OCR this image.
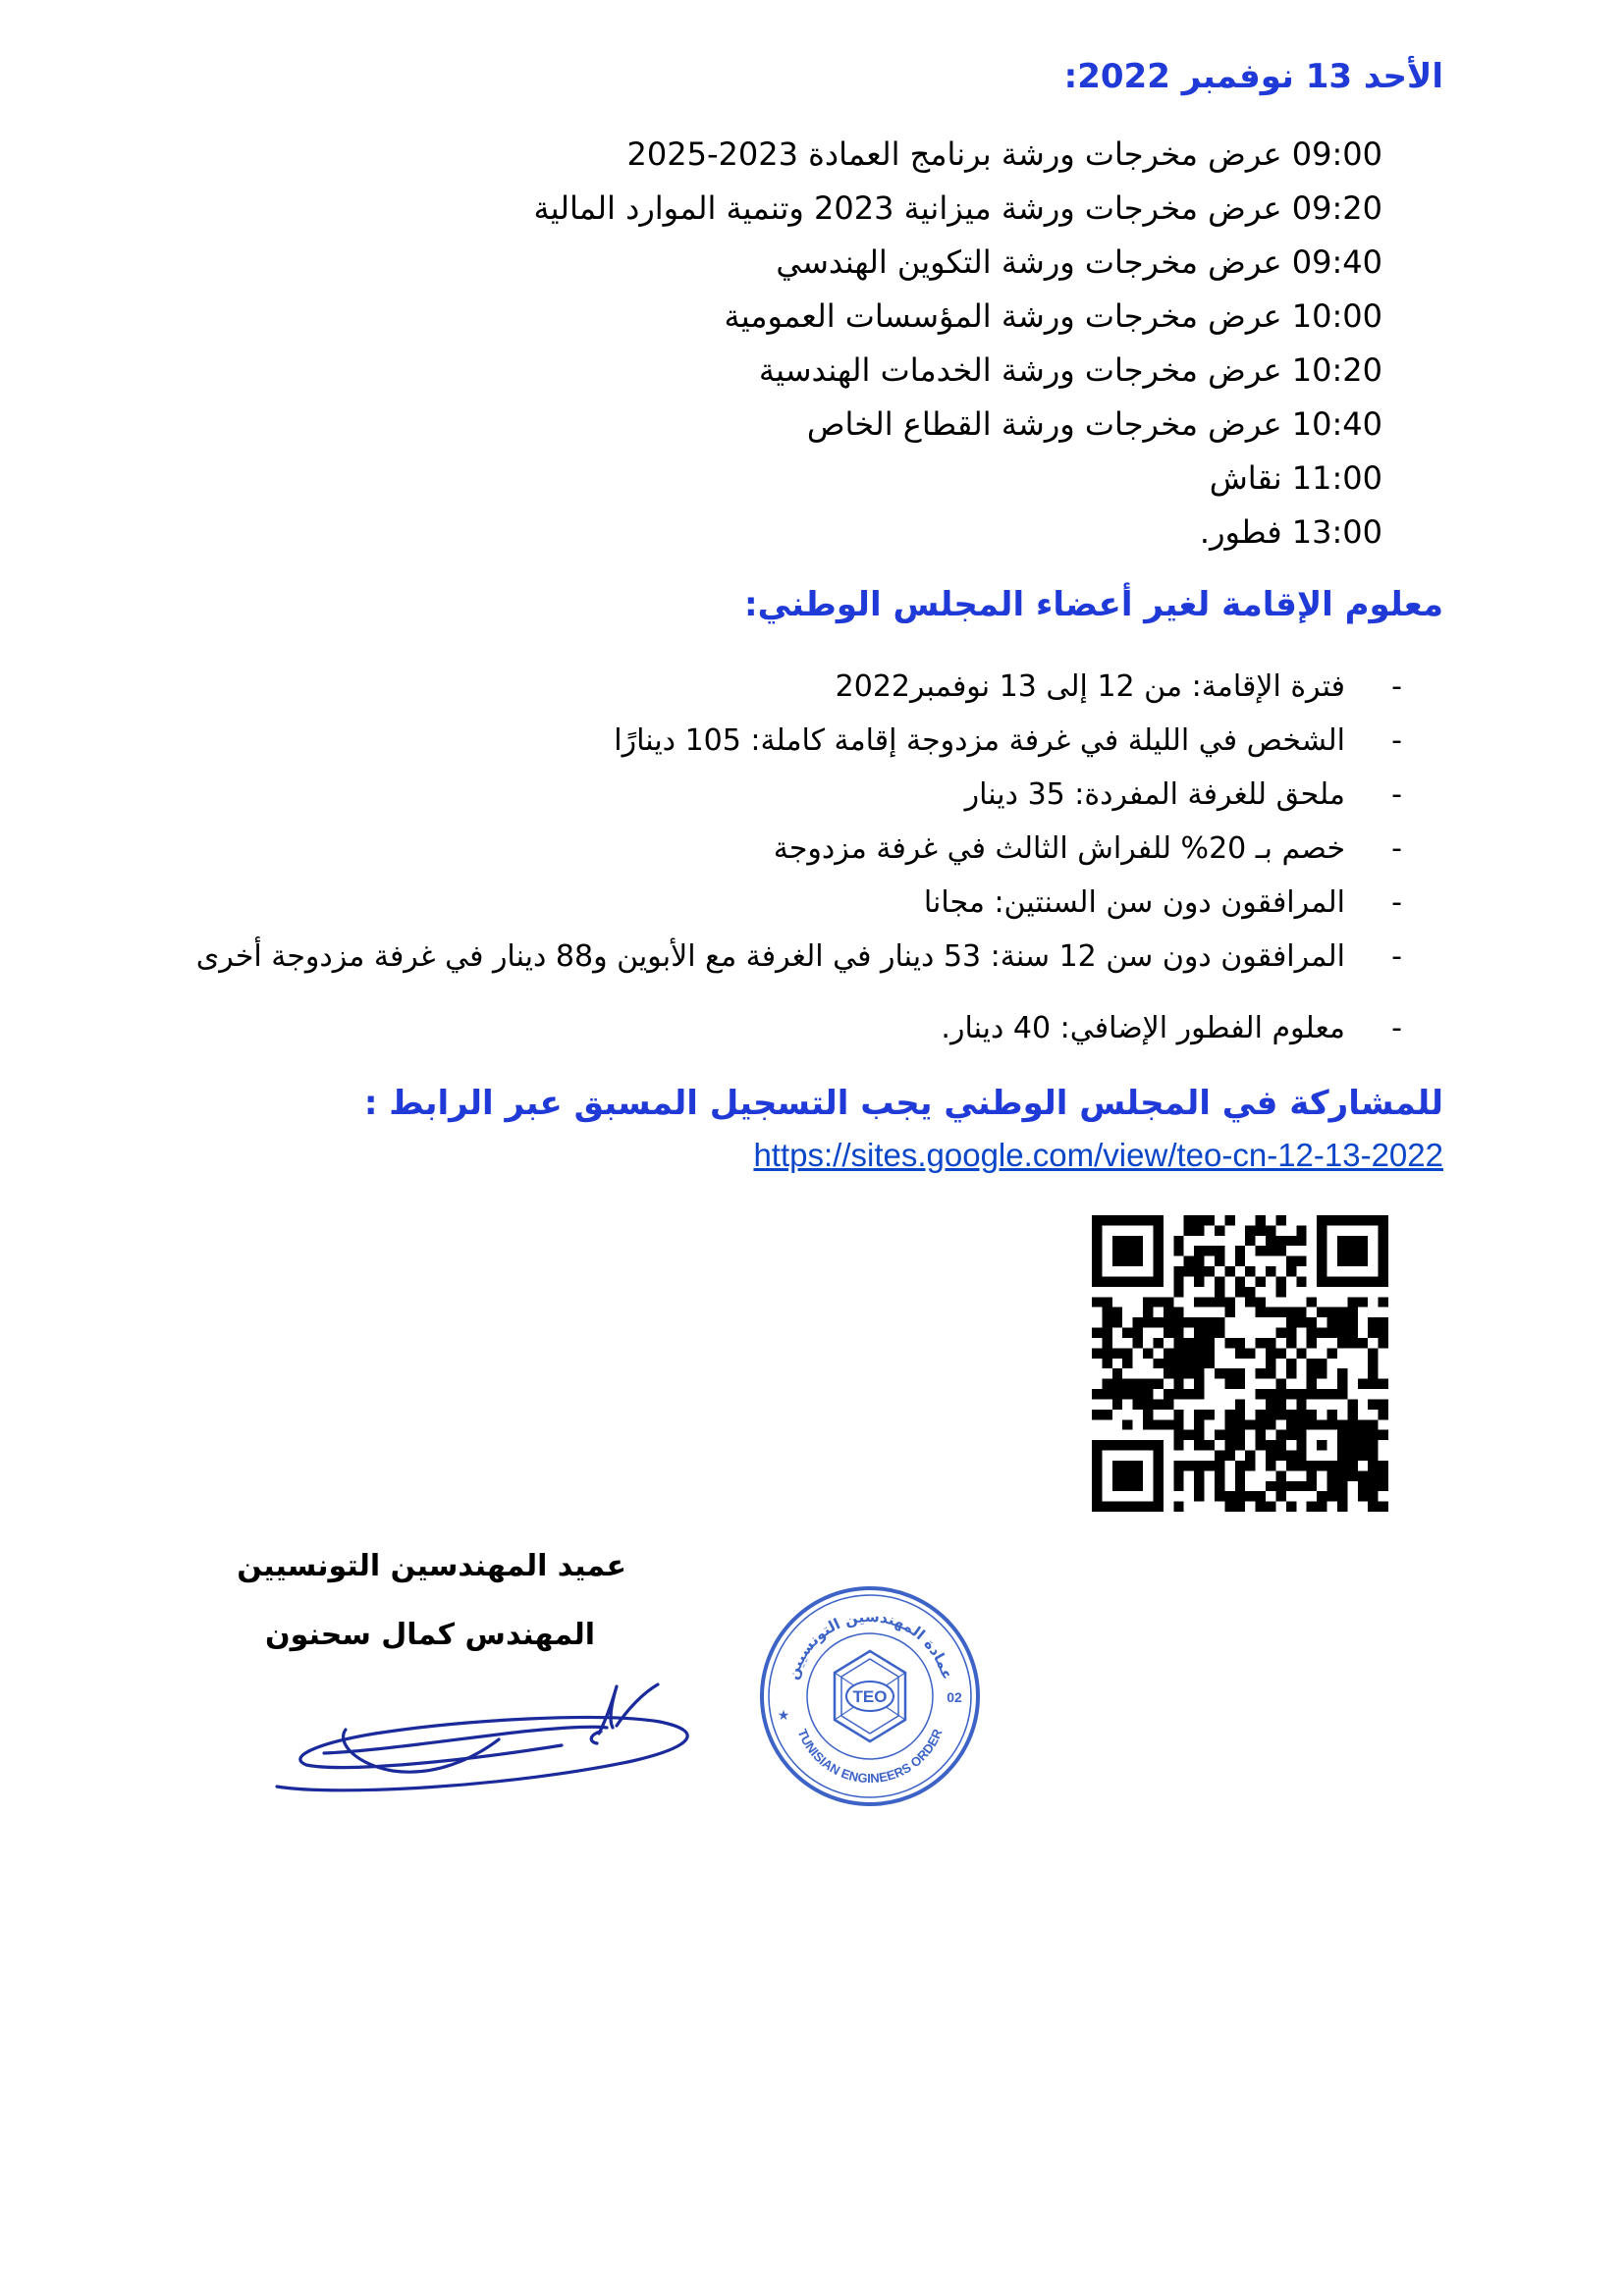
الأحد 13 نوفمبر 2022:
09:00 عرض مخرجات ورشة برنامج العمادة 2023-2025
09:20 عرض مخرجات ورشة ميزانية 2023 وتنمية الموارد المالية
09:40 عرض مخرجات ورشة التكوين الهندسي
10:00 عرض مخرجات ورشة المؤسسات العمومية
10:20 عرض مخرجات ورشة الخدمات الهندسية
10:40 عرض مخرجات ورشة القطاع الخاص
11:00 نقاش
13:00 فطور.
معلوم الإقامة لغير أعضاء المجلس الوطني:
-
فترة الإقامة: من 12 إلى 13 نوفمبر2022
-
الشخص في الليلة في غرفة مزدوجة إقامة كاملة: 105 دينارًا
-
ملحق للغرفة المفردة: 35 دينار
-
خصم بـ 20% للفراش الثالث في غرفة مزدوجة
-
المرافقون دون سن السنتين: مجانا
-
المرافقون دون سن 12 سنة: 53 دينار في الغرفة مع الأبوين و88 دينار في غرفة مزدوجة أخرى
-
معلوم الفطور الإضافي: 40 دينار.
للمشاركة في المجلس الوطني يجب التسجيل المسبق عبر الرابط :
https://sites.google.com/view/teo-cn-12-13-2022
عميد المهندسين التونسيين
المهندس كمال سحنون
TEO
عمادة المهندسين التونسيين
TUNISIAN ENGINEERS ORDER
02
★
